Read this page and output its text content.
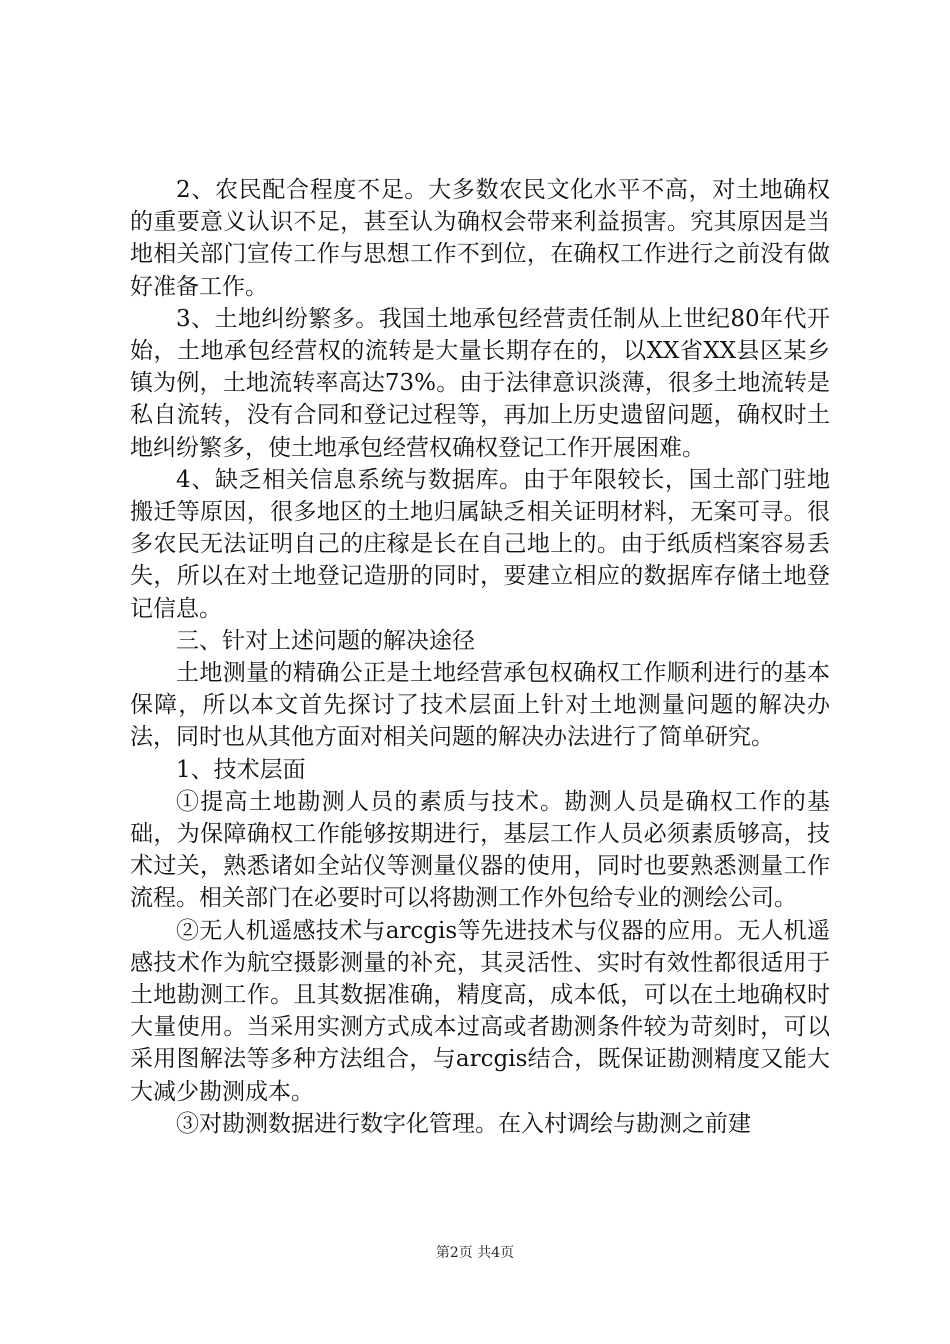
2、农民配合程度不足。大多数农民文化水平不高，对土地确权的重要意义认识不足，甚至认为确权会带来利益损害。究其原因是当地相关部门宣传工作与思想工作不到位，在确权工作进行之前没有做好准备工作。

3、土地纠纷繁多。我国土地承包经营责任制从上世纪80年代开始，土地承包经营权的流转是大量长期存在的，以XX省XX县区某乡镇为例，土地流转率高达73%。由于法律意识淡薄，很多土地流转是私自流转，没有合同和登记过程等，再加上历史遗留问题，确权时土地纠纷繁多，使土地承包经营权确权登记工作开展困难。

4、缺乏相关信息系统与数据库。由于年限较长，国土部门驻地搬迁等原因，很多地区的土地归属缺乏相关证明材料，无案可寻。很多农民无法证明自己的庄稼是长在自己地上的。由于纸质档案容易丢失，所以在对土地登记造册的同时，要建立相应的数据库存储土地登记信息。

三、针对上述问题的解决途径

土地测量的精确公正是土地经营承包权确权工作顺利进行的基本保障，所以本文首先探讨了技术层面上针对土地测量问题的解决办法，同时也从其他方面对相关问题的解决办法进行了简单研究。

1、技术层面

①提高土地勘测人员的素质与技术。勘测人员是确权工作的基础，为保障确权工作能够按期进行，基层工作人员必须素质够高，技术过关，熟悉诸如全站仪等测量仪器的使用，同时也要熟悉测量工作流程。相关部门在必要时可以将勘测工作外包给专业的测绘公司。

②无人机遥感技术与arcgis等先进技术与仪器的应用。无人机遥感技术作为航空摄影测量的补充，其灵活性、实时有效性都很适用于土地勘测工作。且其数据准确，精度高，成本低，可以在土地确权时大量使用。当采用实测方式成本过高或者勘测条件较为苛刻时，可以采用图解法等多种方法组合，与arcgis结合，既保证勘测精度又能大大减少勘测成本。

③对勘测数据进行数字化管理。在入村调绘与勘测之前建

第2页 共4页
